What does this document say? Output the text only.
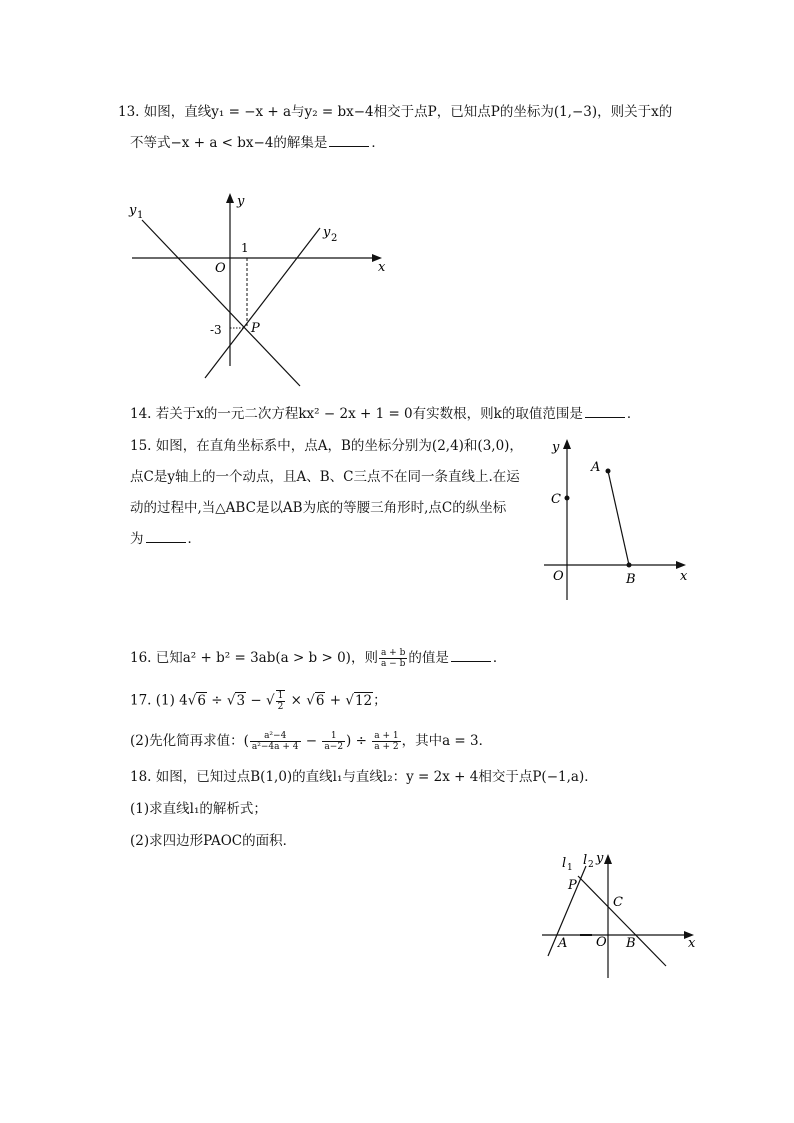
13. 如图，直线y₁ = −x + a与y₂ = bx−4相交于点P，已知点P的坐标为(1,−3)，则关于x的
不等式−x + a < bx−4的解集是	．
y 1
y 2
y
x
O
1
-3 P
14. 若关于x的一元二次方程kx² − 2x + 1 = 0有实数根，则k的取值范围是	．
15. 如图，在直角坐标系中，点A，B的坐标分别为(2,4)和(3,0)，
点C是y轴上的一个动点，且A、B、C三点不在同一条直线上.在运
动的过程中,当△ABC是以AB为底的等腰三角形时,点C的纵坐标
为	．
y
x
A
B
C
O
16. 已知a² + b² = 3ab(a > b > 0)，则 $\frac{a + b}{a - b}$ 的值是	．
17. (1) 4√6 ÷ √3 − √ $\frac{1}{2} \times √6 + √12$；
(2)先化简再求值：( $\frac{\text{a²−4}}{\text{a²−4a + 4}} - \frac{1}{a-2}$ ) ÷ $\frac{a + 1}{a + 2}$ ，其中a = 3．
18. 如图，已知过点B(1,0)的直线l₁与直线l₂：y = 2x + 4相交于点P(−1,a)．
(1)求直线l₁的解析式；
(2)求四边形PAOC的面积．
l 1 l 2 y
x
P
C
A O B
